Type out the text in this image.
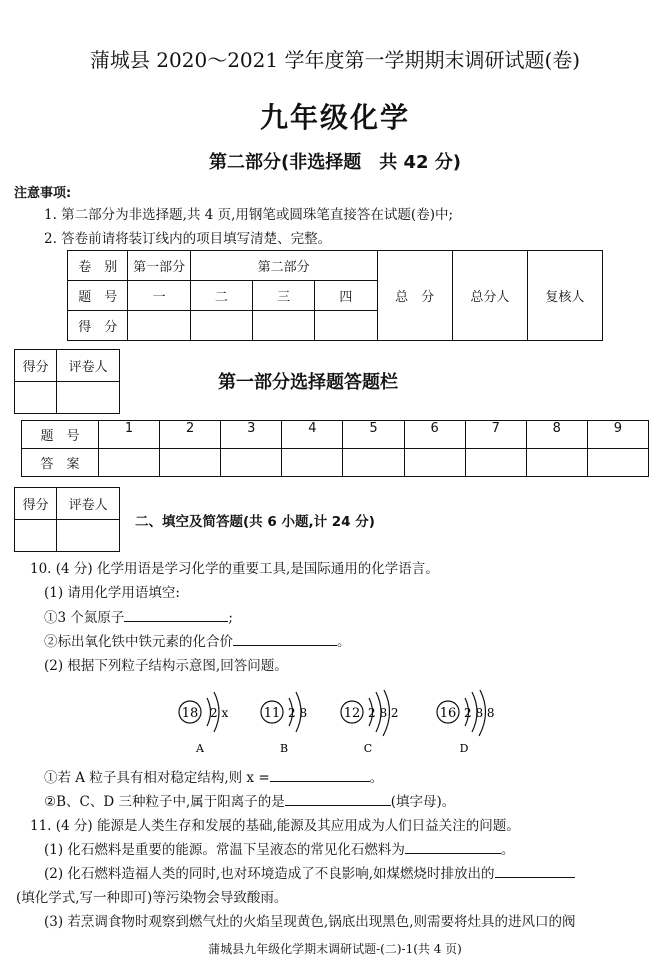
蒲城县 2020～2021 学年度第一学期期末调研试题(卷)
九年级化学
第二部分(非选择题　共 42 分)
注意事项:
1. 第二部分为非选择题,共 4 页,用钢笔或圆珠笔直接答在试题(卷)中;
2. 答卷前请将装订线内的项目填写清楚、完整。
卷　别	第一部分	第二部分			总　分	总分人	复核人
题　号	一	二	三	四			
得　分							
得分	评卷人

第一部分选择题答题栏
题　号	1	2	3	4	5	6	7	8	9
答　案									
得分	评卷人

二、填空及简答题(共 6 小题,计 24 分)
10. (4 分) 化学用语是学习化学的重要工具,是国际通用的化学语言。
(1) 请用化学用语填空:
①3 个氮原子	;
②标出氧化铁中铁元素的化合价	。
(2) 根据下列粒子结构示意图,回答问题。
18 2 x
A
11 2 8
B
12 2 8 2
C
16 2 8 8
D
①若 A 粒子具有相对稳定结构,则 x =	。
②B、C、D 三种粒子中,属于阳离子的是	(填字母)。
11. (4 分) 能源是人类生存和发展的基础,能源及其应用成为人们日益关注的问题。
(1) 化石燃料是重要的能源。常温下呈液态的常见化石燃料为	。
(2) 化石燃料造福人类的同时,也对环境造成了不良影响,如煤燃烧时排放出的
(填化学式,写一种即可)等污染物会导致酸雨。
(3) 若烹调食物时观察到燃气灶的火焰呈现黄色,锅底出现黑色,则需要将灶具的进风口的阀
蒲城县九年级化学期末调研试题-(二)-1(共 4 页)
